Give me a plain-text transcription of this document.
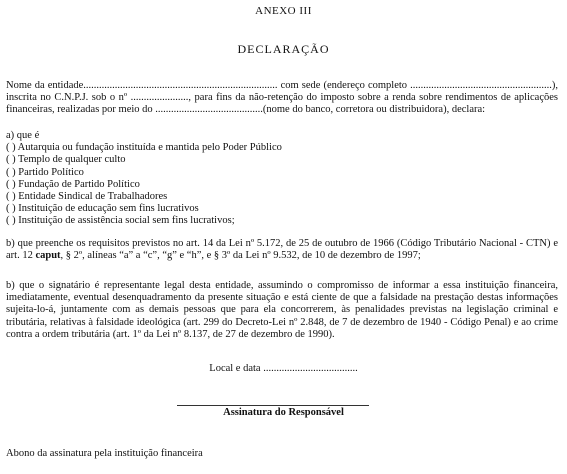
ANEXO III
DECLARAÇÃO
Nome da entidade.......................................................................... com sede (endereço completo ......................................................), inscrita no C.N.P.J. sob o nº ......................, para fins da não-retenção do imposto sobre a renda sobre rendimentos de aplicações financeiras, realizadas por meio do .........................................(nome do banco, corretora ou distribuidora), declara:
a) que é
( ) Autarquia ou fundação instituída e mantida pelo Poder Público
( ) Templo de qualquer culto
( ) Partido Político
( ) Fundação de Partido Político
( ) Entidade Sindical de Trabalhadores
( ) Instituição de educação sem fins lucrativos
( ) Instituição de assistência social sem fins lucrativos;
b) que preenche os requisitos previstos no art. 14 da Lei nº 5.172, de 25 de outubro de 1966 (Código Tributário Nacional - CTN) e art. 12 caput, § 2º, alíneas “a” a “c”, “g” e “h”, e § 3º da Lei nº 9.532, de 10 de dezembro de 1997;
b) que o signatário é representante legal desta entidade, assumindo o compromisso de informar a essa instituição financeira, imediatamente, eventual desenquadramento da presente situação e está ciente de que a falsidade na prestação destas informações sujeita-lo-á, juntamente com as demais pessoas que para ela concorrerem, às penalidades previstas na legislação criminal e tributária, relativas à falsidade ideológica (art. 299 do Decreto-Lei nº 2.848, de 7 de dezembro de 1940 - Código Penal) e ao crime contra a ordem tributária (art. 1º da Lei nº 8.137, de 27 de dezembro de 1990).
Local e data ....................................
Assinatura do Responsável
Abono da assinatura pela instituição financeira
